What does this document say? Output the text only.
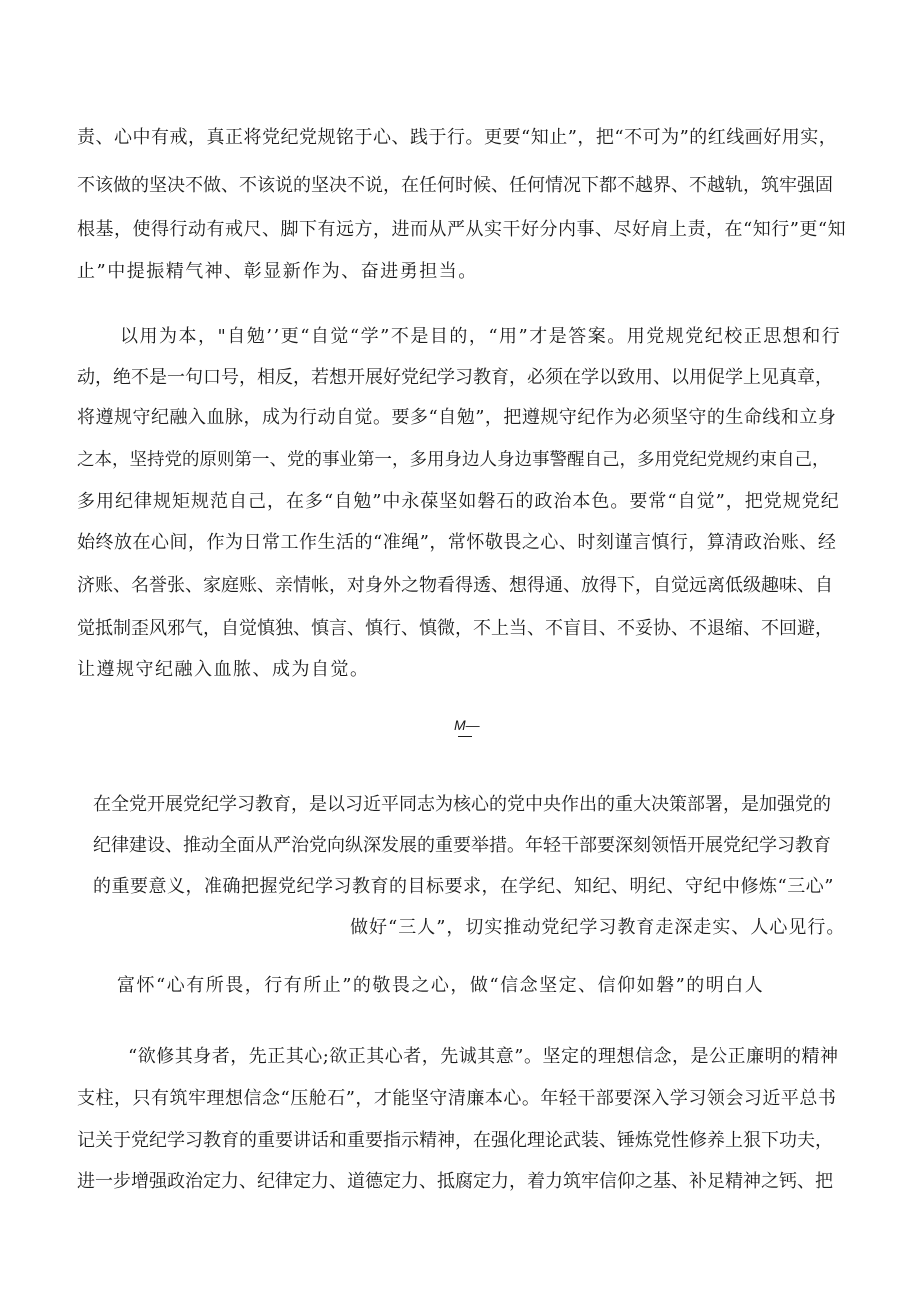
责、心中有戒，真正将党纪党规铭于心、践于行。更要“知止”，把“不可为”的红线画好用实，
不该做的坚决不做、不该说的坚决不说，在任何时候、任何情况下都不越界、不越轨，筑牢强固
根基，使得行动有戒尺、脚下有远方，进而从严从实干好分内事、尽好肩上责，在“知行”更“知
止”中提振精气神、彰显新作为、奋进勇担当。
以用为本，"自勉’’更“自觉“学”不是目的，“用”才是答案。用党规党纪校正思想和行
动，绝不是一句口号，相反，若想开展好党纪学习教育，必须在学以致用、以用促学上见真章，
将遵规守纪融入血脉，成为行动自觉。要多“自勉”，把遵规守纪作为必须坚守的生命线和立身
之本，坚持党的原则第一、党的事业第一，多用身边人身边事警醒自己，多用党纪党规约束自己，
多用纪律规矩规范自己，在多“自勉”中永葆坚如磐石的政治本色。要常“自觉”，把党规党纪
始终放在心间，作为日常工作生活的“准绳”，常怀敬畏之心、时刻谨言慎行，算清政治账、经
济账、名誉张、家庭账、亲情帐，对身外之物看得透、想得通、放得下，自觉远离低级趣味、自
觉抵制歪风邪气，自觉慎独、慎言、慎行、慎微，不上当、不盲目、不妥协、不退缩、不回避，
让遵规守纪融入血脓、成为自觉。
M—
在全党开展党纪学习教育，是以习近平同志为核心的党中央作出的重大决策部署，是加强党的
纪律建设、推动全面从严治党向纵深发展的重要举措。年轻干部要深刻领悟开展党纪学习教育
的重要意义，准确把握党纪学习教育的目标要求，在学纪、知纪、明纪、守纪中修炼“三心”
做好“三人”，切实推动党纪学习教育走深走实、人心见行。
富怀“心有所畏，行有所止”的敬畏之心，做“信念坚定、信仰如磐”的明白人
“欲修其身者，先正其心;欲正其心者，先诚其意”。坚定的理想信念，是公正廉明的精神
支柱，只有筑牢理想信念“压舱石”，才能坚守清廉本心。年轻干部要深入学习领会习近平总书
记关于党纪学习教育的重要讲话和重要指示精神，在强化理论武装、锤炼党性修养上狠下功夫，
进一步增强政治定力、纪律定力、道德定力、抵腐定力，着力筑牢信仰之基、补足精神之钙、把
